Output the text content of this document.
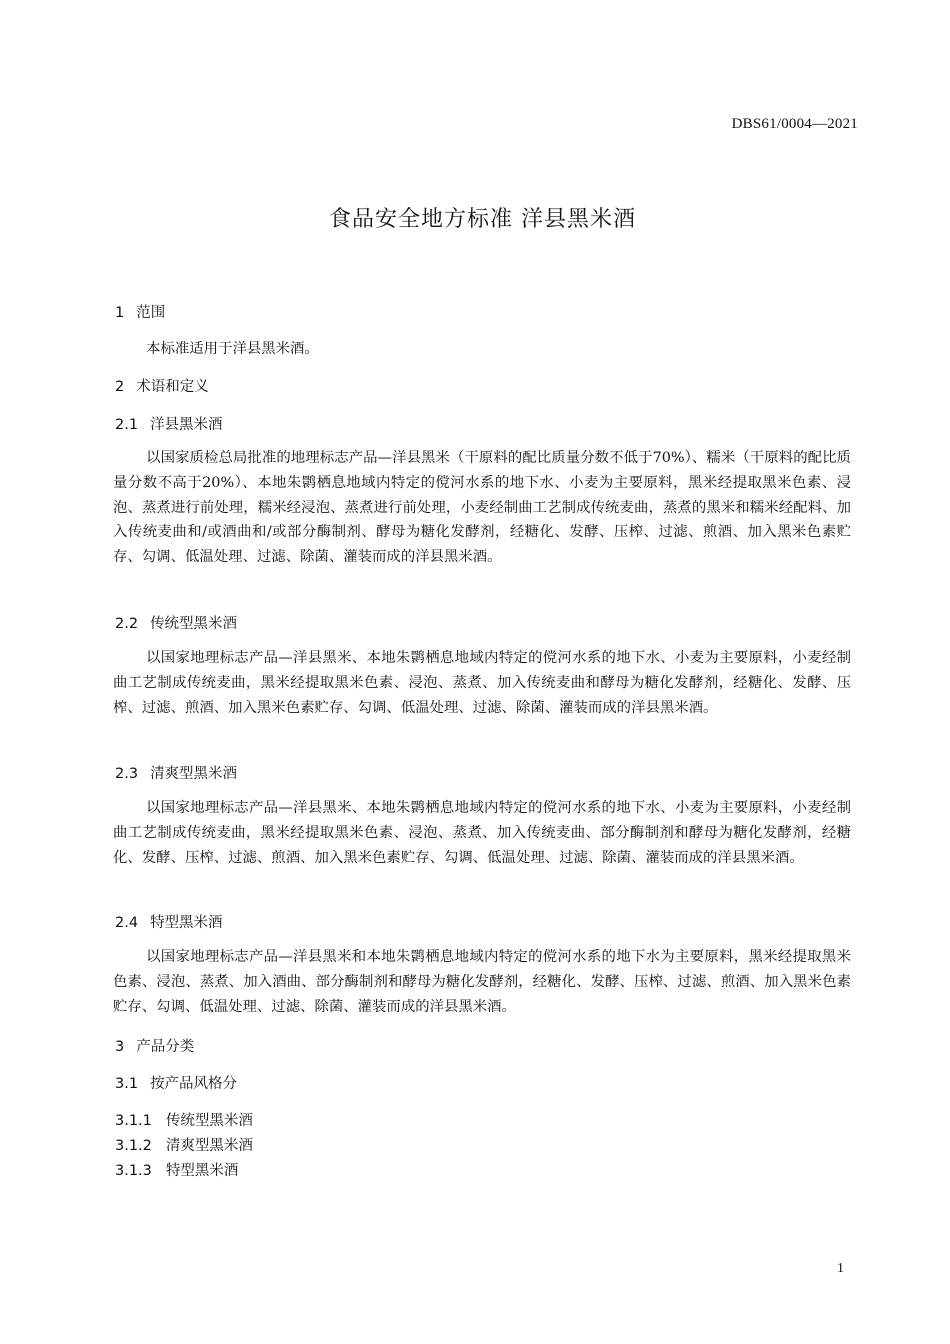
DBS61/0004—2021
食品安全地方标准 洋县黑米酒
1 范围

本标准适用于洋县黑米酒。

2 术语和定义
2.1 洋县黑米酒

以国家质检总局批准的地理标志产品—洋县黑米（干原料的配比质量分数不低于70%）、糯米（干原料的配比质量分数不高于20%）、本地朱鹮栖息地域内特定的傥河水系的地下水、小麦为主要原料，黑米经提取黑米色素、浸泡、蒸煮进行前处理，糯米经浸泡、蒸煮进行前处理，小麦经制曲工艺制成传统麦曲，蒸煮的黑米和糯米经配料、加入传统麦曲和/或酒曲和/或部分酶制剂、酵母为糖化发酵剂，经糖化、发酵、压榨、过滤、煎酒、加入黑米色素贮存、勾调、低温处理、过滤、除菌、灌装而成的洋县黑米酒。

2.2 传统型黑米酒

以国家地理标志产品—洋县黑米、本地朱鹮栖息地域内特定的傥河水系的地下水、小麦为主要原料，小麦经制曲工艺制成传统麦曲，黑米经提取黑米色素、浸泡、蒸煮、加入传统麦曲和酵母为糖化发酵剂，经糖化、发酵、压榨、过滤、煎酒、加入黑米色素贮存、勾调、低温处理、过滤、除菌、灌装而成的洋县黑米酒。

2.3 清爽型黑米酒

以国家地理标志产品—洋县黑米、本地朱鹮栖息地域内特定的傥河水系的地下水、小麦为主要原料，小麦经制曲工艺制成传统麦曲，黑米经提取黑米色素、浸泡、蒸煮、加入传统麦曲、部分酶制剂和酵母为糖化发酵剂，经糖化、发酵、压榨、过滤、煎酒、加入黑米色素贮存、勾调、低温处理、过滤、除菌、灌装而成的洋县黑米酒。

2.4 特型黑米酒

以国家地理标志产品—洋县黑米和本地朱鹮栖息地域内特定的傥河水系的地下水为主要原料，黑米经提取黑米色素、浸泡、蒸煮、加入酒曲、部分酶制剂和酵母为糖化发酵剂，经糖化、发酵、压榨、过滤、煎酒、加入黑米色素贮存、勾调、低温处理、过滤、除菌、灌装而成的洋县黑米酒。

3 产品分类
3.1 按产品风格分
3.1.1 传统型黑米酒
3.1.2 清爽型黑米酒
3.1.3 特型黑米酒
1
